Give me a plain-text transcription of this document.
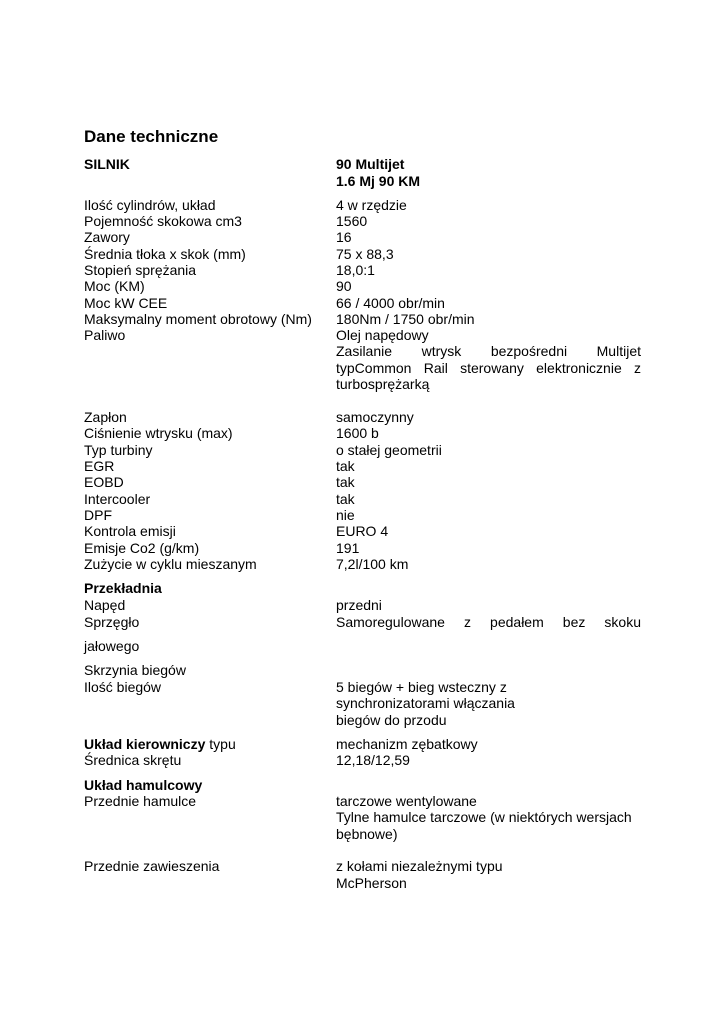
Dane techniczne
SILNIK	90 Multijet
1.6 Mj 90 KM
Ilość cylindrów, układ	4 w rzędzie
Pojemność skokowa cm3	1560
Zawory	16
Średnia tłoka x skok (mm)	75 x 88,3
Stopień sprężania	18,0:1
Moc (KM)	90
Moc kW CEE	66 / 4000 obr/min
Maksymalny moment obrotowy (Nm) 180Nm / 1750 obr/min
Paliwo	Olej napędowy
Zasilanie wtrysk bezpośredni Multijet
typCommon Rail sterowany elektronicznie z
turbosprężarką
Zapłon	samoczynny
Ciśnienie wtrysku (max)	1600 b
Typ turbiny	o stałej geometrii
EGR	tak
EOBD	tak
Intercooler	tak
DPF	nie
Kontrola emisji	EURO 4
Emisje Co2 (g/km)	191
Zużycie w cyklu mieszanym	7,2l/100 km
Przekładnia
Napęd	przedni
Sprzęgło	Samoregulowane z pedałem bez skoku
jałowego
Skrzynia biegów
Ilość biegów	5 biegów + bieg wsteczny z
synchronizatorami włączania
biegów do przodu
Układ kierowniczy typu	mechanizm zębatkowy
Średnica skrętu	12,18/12,59
Układ hamulcowy
Przednie hamulce	tarczowe wentylowane
Tylne hamulce tarczowe (w niektórych wersjach
bębnowe)
Przednie zawieszenia	z kołami niezależnymi typu
McPherson
